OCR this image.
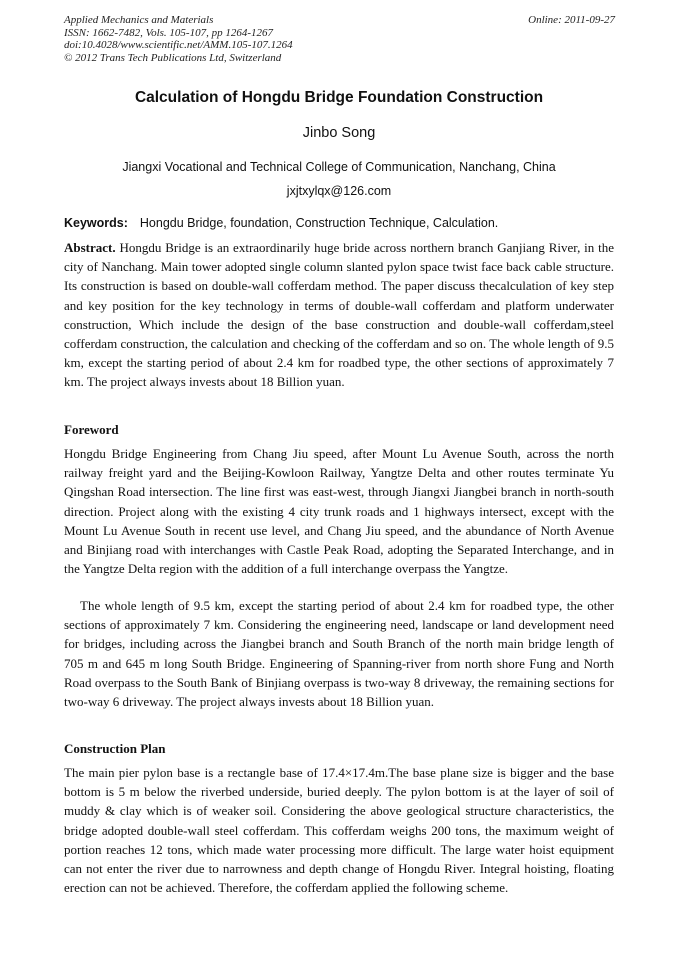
Applied Mechanics and Materials
ISSN: 1662-7482, Vols. 105-107, pp 1264-1267
doi:10.4028/www.scientific.net/AMM.105-107.1264
© 2012 Trans Tech Publications Ltd, Switzerland
Online: 2011-09-27
Calculation of Hongdu Bridge Foundation Construction
Jinbo Song
Jiangxi Vocational and Technical College of Communication, Nanchang, China
jxjtxylqx@126.com
Keywords: Hongdu Bridge, foundation, Construction Technique, Calculation.
Abstract. Hongdu Bridge is an extraordinarily huge bride across northern branch Ganjiang River, in the city of Nanchang. Main tower adopted single column slanted pylon space twist face back cable structure. Its construction is based on double-wall cofferdam method. The paper discuss thecalculation of key step and key position for the key technology in terms of double-wall cofferdam and platform underwater construction, Which include the design of the base construction and double-wall cofferdam,steel cofferdam construction, the calculation and checking of the cofferdam and so on. The whole length of 9.5 km, except the starting period of about 2.4 km for roadbed type, the other sections of approximately 7 km. The project always invests about 18 Billion yuan.
Foreword
Hongdu Bridge Engineering from Chang Jiu speed, after Mount Lu Avenue South, across the north railway freight yard and the Beijing-Kowloon Railway, Yangtze Delta and other routes terminate Yu Qingshan Road intersection. The line first was east-west, through Jiangxi Jiangbei branch in north-south direction. Project along with the existing 4 city trunk roads and 1 highways intersect, except with the Mount Lu Avenue South in recent use level, and Chang Jiu speed, and the abundance of North Avenue and Binjiang road with interchanges with Castle Peak Road, adopting the Separated Interchange, and in the Yangtze Delta region with the addition of a full interchange overpass the Yangtze.
The whole length of 9.5 km, except the starting period of about 2.4 km for roadbed type, the other sections of approximately 7 km. Considering the engineering need, landscape or land development need for bridges, including across the Jiangbei branch and South Branch of the north main bridge length of 705 m and 645 m long South Bridge. Engineering of Spanning-river from north shore Fung and North Road overpass to the South Bank of Binjiang overpass is two-way 8 driveway, the remaining sections for two-way 6 driveway. The project always invests about 18 Billion yuan.
Construction Plan
The main pier pylon base is a rectangle base of 17.4×17.4m.The base plane size is bigger and the base bottom is 5 m below the riverbed underside, buried deeply. The pylon bottom is at the layer of soil of muddy & clay which is of weaker soil. Considering the above geological structure characteristics, the bridge adopted double-wall steel cofferdam. This cofferdam weighs 200 tons, the maximum weight of portion reaches 12 tons, which made water processing more difficult. The large water hoist equipment can not enter the river due to narrowness and depth change of Hongdu River. Integral hoisting, floating erection can not be achieved. Therefore, the cofferdam applied the following scheme.
